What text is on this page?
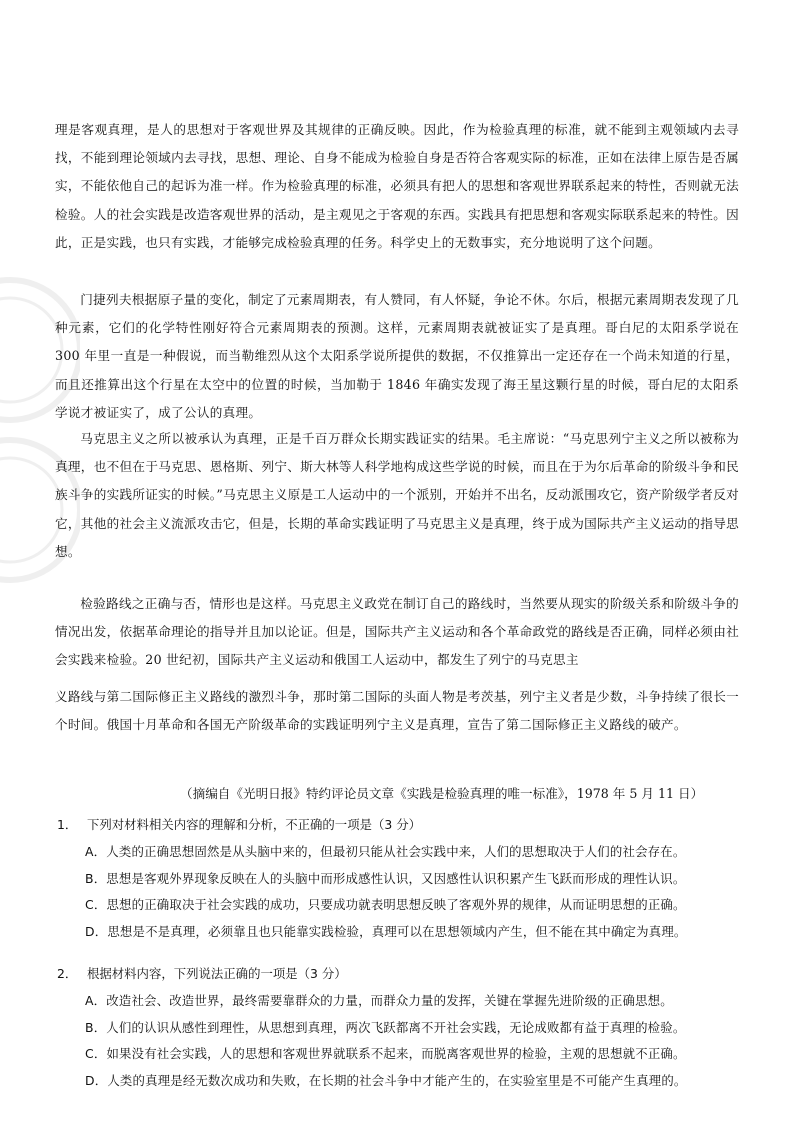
理是客观真理，是人的思想对于客观世界及其规律的正确反映。因此，作为检验真理的标准，就不能到主观领域内去寻找，不能到理论领域内去寻找，思想、理论、自身不能成为检验自身是否符合客观实际的标准，正如在法律上原告是否属实，不能依他自己的起诉为准一样。作为检验真理的标准，必须具有把人的思想和客观世界联系起来的特性，否则就无法检验。人的社会实践是改造客观世界的活动，是主观见之于客观的东西。实践具有把思想和客观实际联系起来的特性。因此，正是实践，也只有实践，才能够完成检验真理的任务。科学史上的无数事实，充分地说明了这个问题。
门捷列夫根据原子量的变化，制定了元素周期表，有人赞同，有人怀疑，争论不休。尔后，根据元素周期表发现了几种元素，它们的化学特性刚好符合元素周期表的预测。这样，元素周期表就被证实了是真理。哥白尼的太阳系学说在 300 年里一直是一种假说，而当勒维烈从这个太阳系学说所提供的数据，不仅推算出一定还存在一个尚未知道的行星，而且还推算出这个行星在太空中的位置的时候，当加勒于 1846 年确实发现了海王星这颗行星的时候，哥白尼的太阳系学说才被证实了，成了公认的真理。
马克思主义之所以被承认为真理，正是千百万群众长期实践证实的结果。毛主席说：“马克思列宁主义之所以被称为真理，也不但在于马克思、恩格斯、列宁、斯大林等人科学地构成这些学说的时候，而且在于为尔后革命的阶级斗争和民族斗争的实践所证实的时候。”马克思主义原是工人运动中的一个派别，开始并不出名，反动派围攻它，资产阶级学者反对它，其他的社会主义流派攻击它，但是，长期的革命实践证明了马克思主义是真理，终于成为国际共产主义运动的指导思想。
检验路线之正确与否，情形也是这样。马克思主义政党在制订自己的路线时，当然要从现实的阶级关系和阶级斗争的情况出发，依据革命理论的指导并且加以论证。但是，国际共产主义运动和各个革命政党的路线是否正确，同样必须由社会实践来检验。20 世纪初，国际共产主义运动和俄国工人运动中，都发生了列宁的马克思主
义路线与第二国际修正主义路线的激烈斗争，那时第二国际的头面人物是考茨基，列宁主义者是少数，斗争持续了很长一个时间。俄国十月革命和各国无产阶级革命的实践证明列宁主义是真理，宣告了第二国际修正主义路线的破产。
（摘编自《光明日报》特约评论员文章《实践是检验真理的唯一标准》，1978 年 5 月 11 日）
1． 下列对材料相关内容的理解和分析，不正确的一项是（3 分）
A．人类的正确思想固然是从头脑中来的，但最初只能从社会实践中来，人们的思想取决于人们的社会存在。
B．思想是客观外界现象反映在人的头脑中而形成感性认识，又因感性认识积累产生飞跃而形成的理性认识。
C．思想的正确取决于社会实践的成功，只要成功就表明思想反映了客观外界的规律，从而证明思想的正确。
D．思想是不是真理，必须靠且也只能靠实践检验，真理可以在思想领域内产生，但不能在其中确定为真理。
2． 根据材料内容，下列说法正确的一项是（3 分）
A．改造社会、改造世界，最终需要靠群众的力量，而群众力量的发挥，关键在掌握先进阶级的正确思想。
B．人们的认识从感性到理性，从思想到真理，两次飞跃都离不开社会实践，无论成败都有益于真理的检验。
C．如果没有社会实践，人的思想和客观世界就联系不起来，而脱离客观世界的检验，主观的思想就不正确。
D．人类的真理是经无数次成功和失败，在长期的社会斗争中才能产生的，在实验室里是不可能产生真理的。
